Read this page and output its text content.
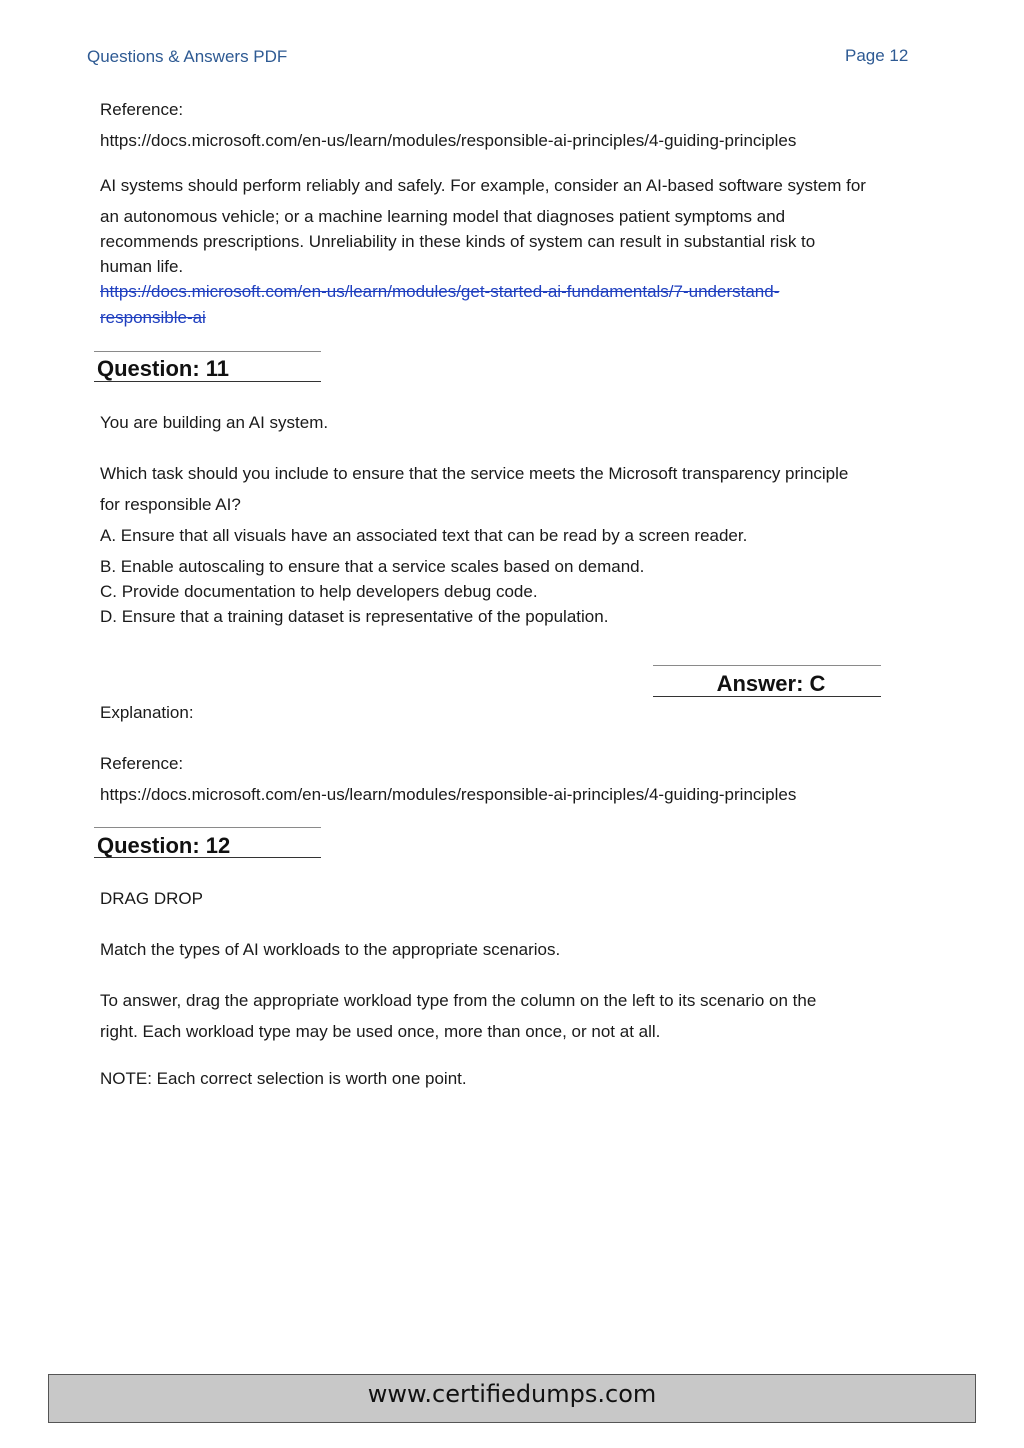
Questions & Answers PDF	Page 12
Reference:
https://docs.microsoft.com/en-us/learn/modules/responsible-ai-principles/4-guiding-principles
AI systems should perform reliably and safely. For example, consider an AI-based software system for
an autonomous vehicle; or a machine learning model that diagnoses patient symptoms and
recommends prescriptions. Unreliability in these kinds of system can result in substantial risk to
human life.
https://docs.microsoft.com/en-us/learn/modules/get-started-ai-fundamentals/7-understand-
responsible-ai
Question: 11
You are building an AI system.
Which task should you include to ensure that the service meets the Microsoft transparency principle
for responsible AI?
A. Ensure that all visuals have an associated text that can be read by a screen reader.
B. Enable autoscaling to ensure that a service scales based on demand.
C. Provide documentation to help developers debug code.
D. Ensure that a training dataset is representative of the population.
Answer: C
Explanation:
Reference:
https://docs.microsoft.com/en-us/learn/modules/responsible-ai-principles/4-guiding-principles
Question: 12
DRAG DROP
Match the types of AI workloads to the appropriate scenarios.
To answer, drag the appropriate workload type from the column on the left to its scenario on the
right. Each workload type may be used once, more than once, or not at all.
NOTE: Each correct selection is worth one point.
www.certifiedumps.com
